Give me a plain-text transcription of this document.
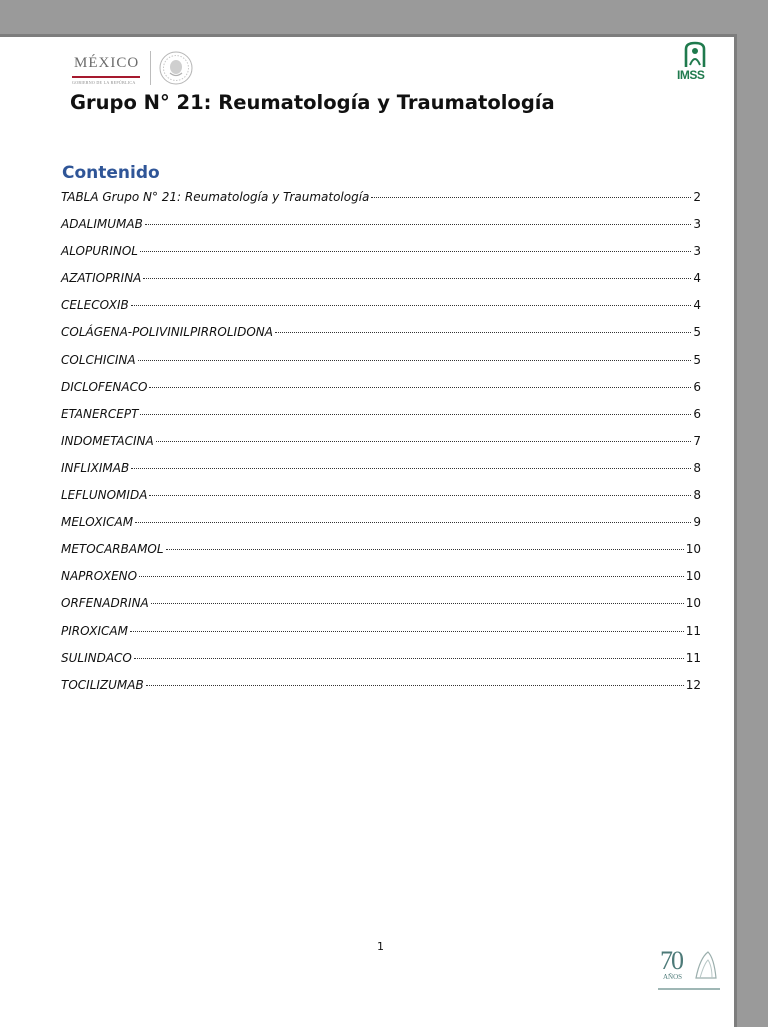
MÉXICO
GOBIERNO DE LA REPÚBLICA
IMSS
Grupo N° 21: Reumatología y Traumatología
Contenido
TABLA Grupo N° 21: Reumatología y Traumatología	2
ADALIMUMAB	3
ALOPURINOL	3
AZATIOPRINA	4
CELECOXIB	4
COLÁGENA-POLIVINILPIRROLIDONA	5
COLCHICINA	5
DICLOFENACO	6
ETANERCEPT	6
INDOMETACINA	7
INFLIXIMAB	8
LEFLUNOMIDA	8
MELOXICAM	9
METOCARBAMOL	10
NAPROXENO	10
ORFENADRINA	10
PIROXICAM	11
SULINDACO	11
TOCILIZUMAB	12
1	70
AÑOS
